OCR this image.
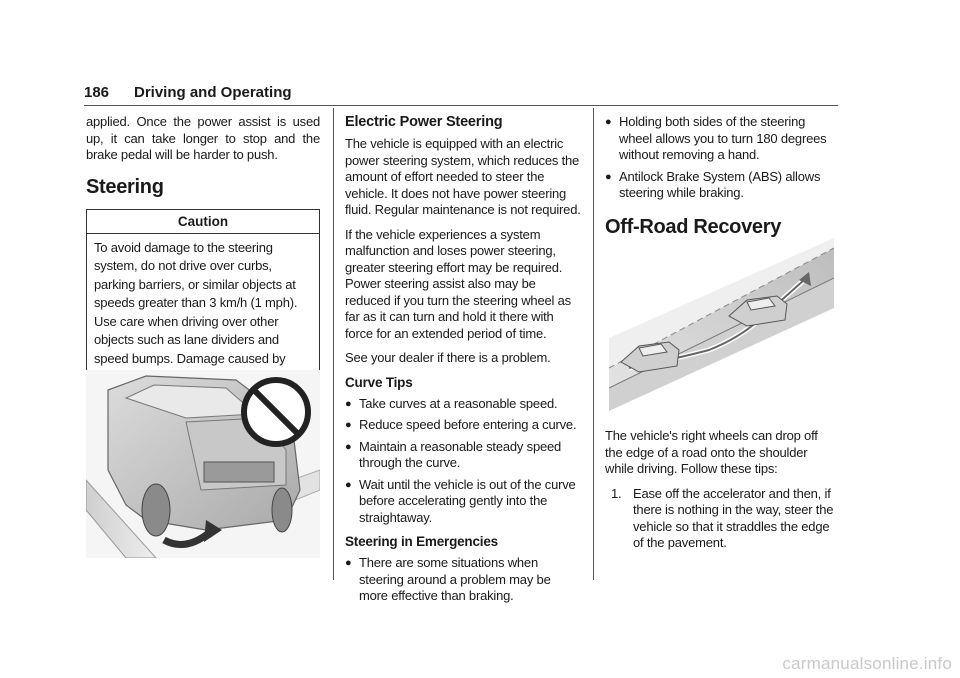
186 Driving and Operating

applied. Once the power assist is used up, it can take longer to stop and the brake pedal will be harder to push.

Steering
Caution
To avoid damage to the steering system, do not drive over curbs, parking barriers, or similar objects at speeds greater than 3 km/h (1 mph). Use care when driving over other objects such as lane dividers and speed bumps. Damage caused by
Electric Power Steering

The vehicle is equipped with an electric power steering system, which reduces the amount of effort needed to steer the vehicle. It does not have power steering fluid. Regular maintenance is not required.

If the vehicle experiences a system malfunction and loses power steering, greater steering effort may be required. Power steering assist also may be reduced if you turn the steering wheel as far as it can turn and hold it there with force for an extended period of time.

See your dealer if there is a problem.

Curve Tips
● Take curves at a reasonable speed.
● Reduce speed before entering a curve.
● Maintain a reasonable steady speed through the curve.
● Wait until the vehicle is out of the curve before accelerating gently into the straightaway.
Steering in Emergencies
● There are some situations when steering around a problem may be more effective than braking.
● Holding both sides of the steering wheel allows you to turn 180 degrees without removing a hand.
● Antilock Brake System (ABS) allows steering while braking.
Off-Road Recovery

The vehicle's right wheels can drop off the edge of a road onto the shoulder while driving. Follow these tips:

1. Ease off the accelerator and then, if there is nothing in the way, steer the vehicle so that it straddles the edge of the pavement.
carmanualsonline.info
